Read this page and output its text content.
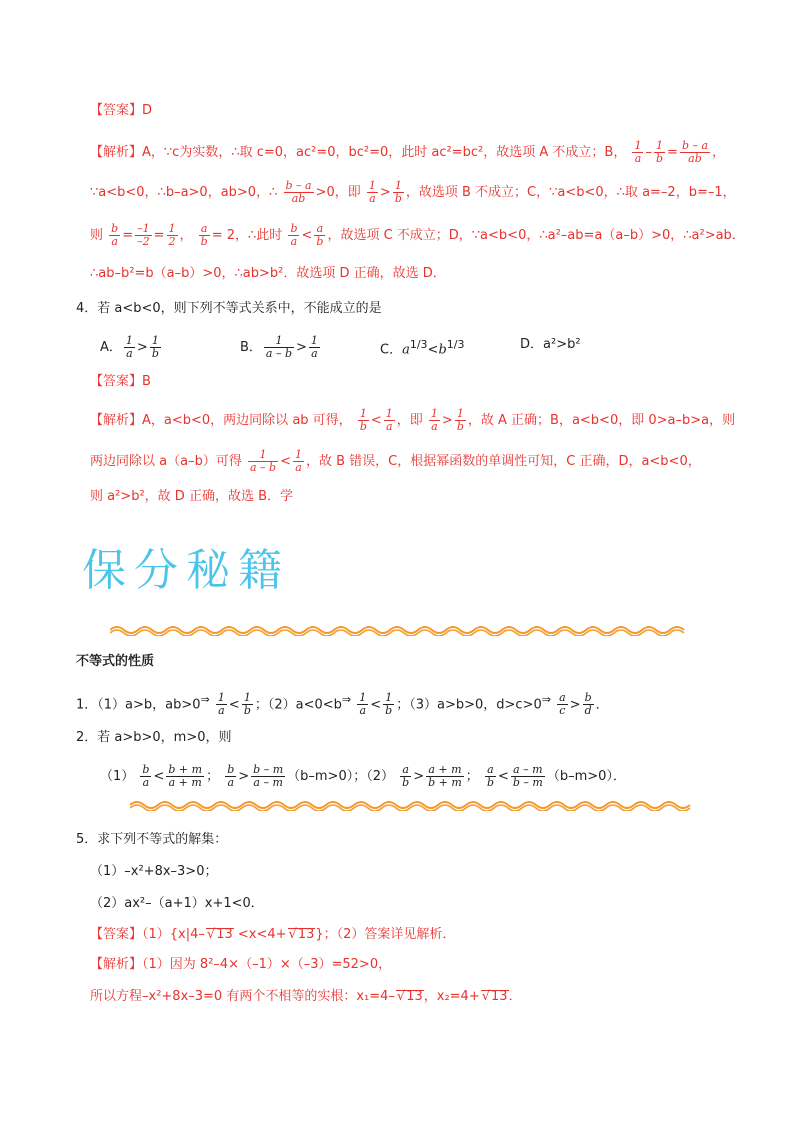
【答案】D
【解析】A，∵c为实数，∴取 c=0，ac²=0，bc²=0，此时 ac²=bc²，故选项 A 不成立；B， $\frac{1}{a} - \frac{1}{b} = \frac{b - a}{ab}$ ，
∵a<b<0，∴b–a>0，ab>0，∴ $\frac{b - a}{ab} >0$，即 $\frac{1}{a} > \frac{1}{b}$ ，故选项 B 不成立；C，∵a<b<0，∴取 a=–2，b=–1，
则 $\frac{b}{a} = \frac{-1}{-2} = \frac{1}{2}$ ， $\frac{a}{b} = 2$，∴此时 $\frac{b}{a} < \frac{a}{b}$ ，故选项 C 不成立；D，∵a<b<0，∴a²–ab=a（a–b）>0，∴a²>ab．
∴ab–b²=b（a–b）>0，∴ab>b²．故选项 D 正确，故选 D．
4．若 a<b<0，则下列不等式关系中，不能成立的是
A． $\frac{1}{a} > \frac{1}{b}$	B． $\frac{1}{a - b} > \frac{1}{a}$	C．$a^{1/3}<b^{1/3}$	D．a²>b²
【答案】B
【解析】A，a<b<0，两边同除以 ab 可得， $\frac{1}{b} < \frac{1}{a}$ ，即 $\frac{1}{a} > \frac{1}{b}$ ，故 A 正确；B，a<b<0，即 0>a–b>a，则
两边同除以 a（a–b）可得 $\frac{1}{a - b} < \frac{1}{a}$ ，故 B 错误，C，根据幂函数的单调性可知，C 正确，D，a<b<0，
则 a²>b²，故 D 正确，故选 B．学
保分秘籍
不等式的性质
1．（1）a>b，$ab>0^\Rightarrow \frac{1}{a} < \frac{1}{b}$ ；$(2)a<0<b^\Rightarrow \frac{1}{a} < \frac{1}{b}$ ；（3）a>b>0，$d>c>0^\Rightarrow \frac{a}{c} > \frac{b}{d}$ ．
2．若 a>b>0，m>0，则
$(1) \frac{b}{a} < \frac{b + m}{a + m}$ ； $\frac{b}{a} > \frac{b - m}{a - m} (b-m>0)$；$(2) \frac{a}{b} > \frac{a + m}{b + m}$ ； $\frac{a}{b} < \frac{a - m}{b - m} (b-m>0)$．
5．求下列不等式的解集：
（1）–x²+8x–3>0；
（2）ax²–（a+1）x+1<0．
【答案】（1）{x|4– √ 13 <x<4+ √ 13}；（2）答案详见解析．
【解析】（1）因为 8²–4×（–1）×（–3）=52>0，
所以方程–x²+8x–3=0 有两个不相等的实根：x₁=4– √ 13，x₂=4+ √ 13．
